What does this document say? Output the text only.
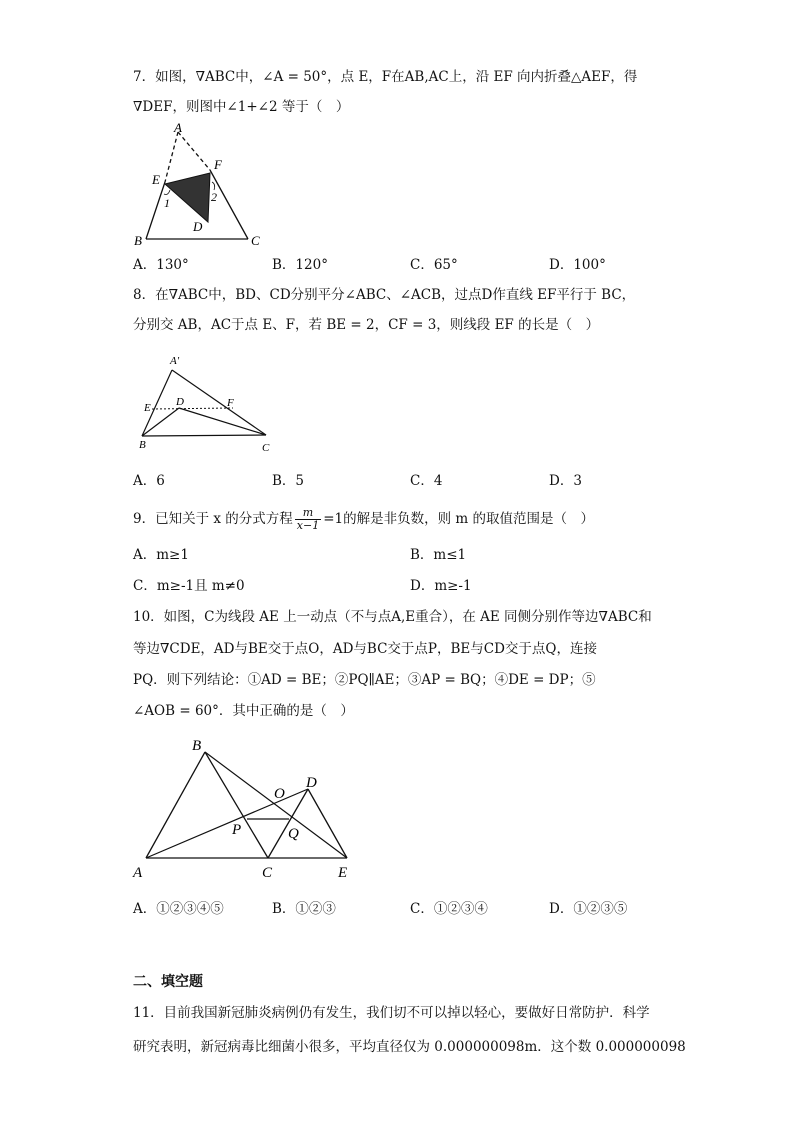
7．如图，∇ABC中，∠A = 50°，点 E，F在AB,AC上，沿 EF 向内折叠△AEF，得
∇DEF，则图中∠1+∠2 等于（　）
A
E
F
1	2
D
B	C
A．130°	B．120°	C．65°	D．100°
8．在∇ABC中，BD、CD分别平分∠ABC、∠ACB，过点D作直线 EF平行于 BC，
分别交 AB，AC于点 E、F，若 BE = 2，CF = 3，则线段 EF 的长是（　）
A'
E D	F
B	C
A．6	B．5	C．4	D．3
9．已知关于 x 的分式方程 $\frac{m}{x-1} =1$的解是非负数，则 m 的取值范围是（　）
A．m≥1	B．m≤1
C．m≥-1且 m≠0	D．m≥-1
10．如图，C为线段 AE 上一动点（不与点A,E重合），在 AE 同侧分别作等边∇ABC和
等边∇CDE，AD与BE交于点O，AD与BC交于点P，BE与CD交于点Q，连接
PQ．则下列结论：①AD = BE；②PQ∥AE；③AP = BQ；④DE = DP；⑤
∠AOB = 60°．其中正确的是（　）
B
D
O
P	Q
A	C	E
A．①②③④⑤	B．①②③	C．①②③④	D．①②③⑤
二、填空题
11．目前我国新冠肺炎病例仍有发生，我们切不可以掉以轻心，要做好日常防护．科学
研究表明，新冠病毒比细菌小很多，平均直径仅为 0.000000098m．这个数 0.000000098
